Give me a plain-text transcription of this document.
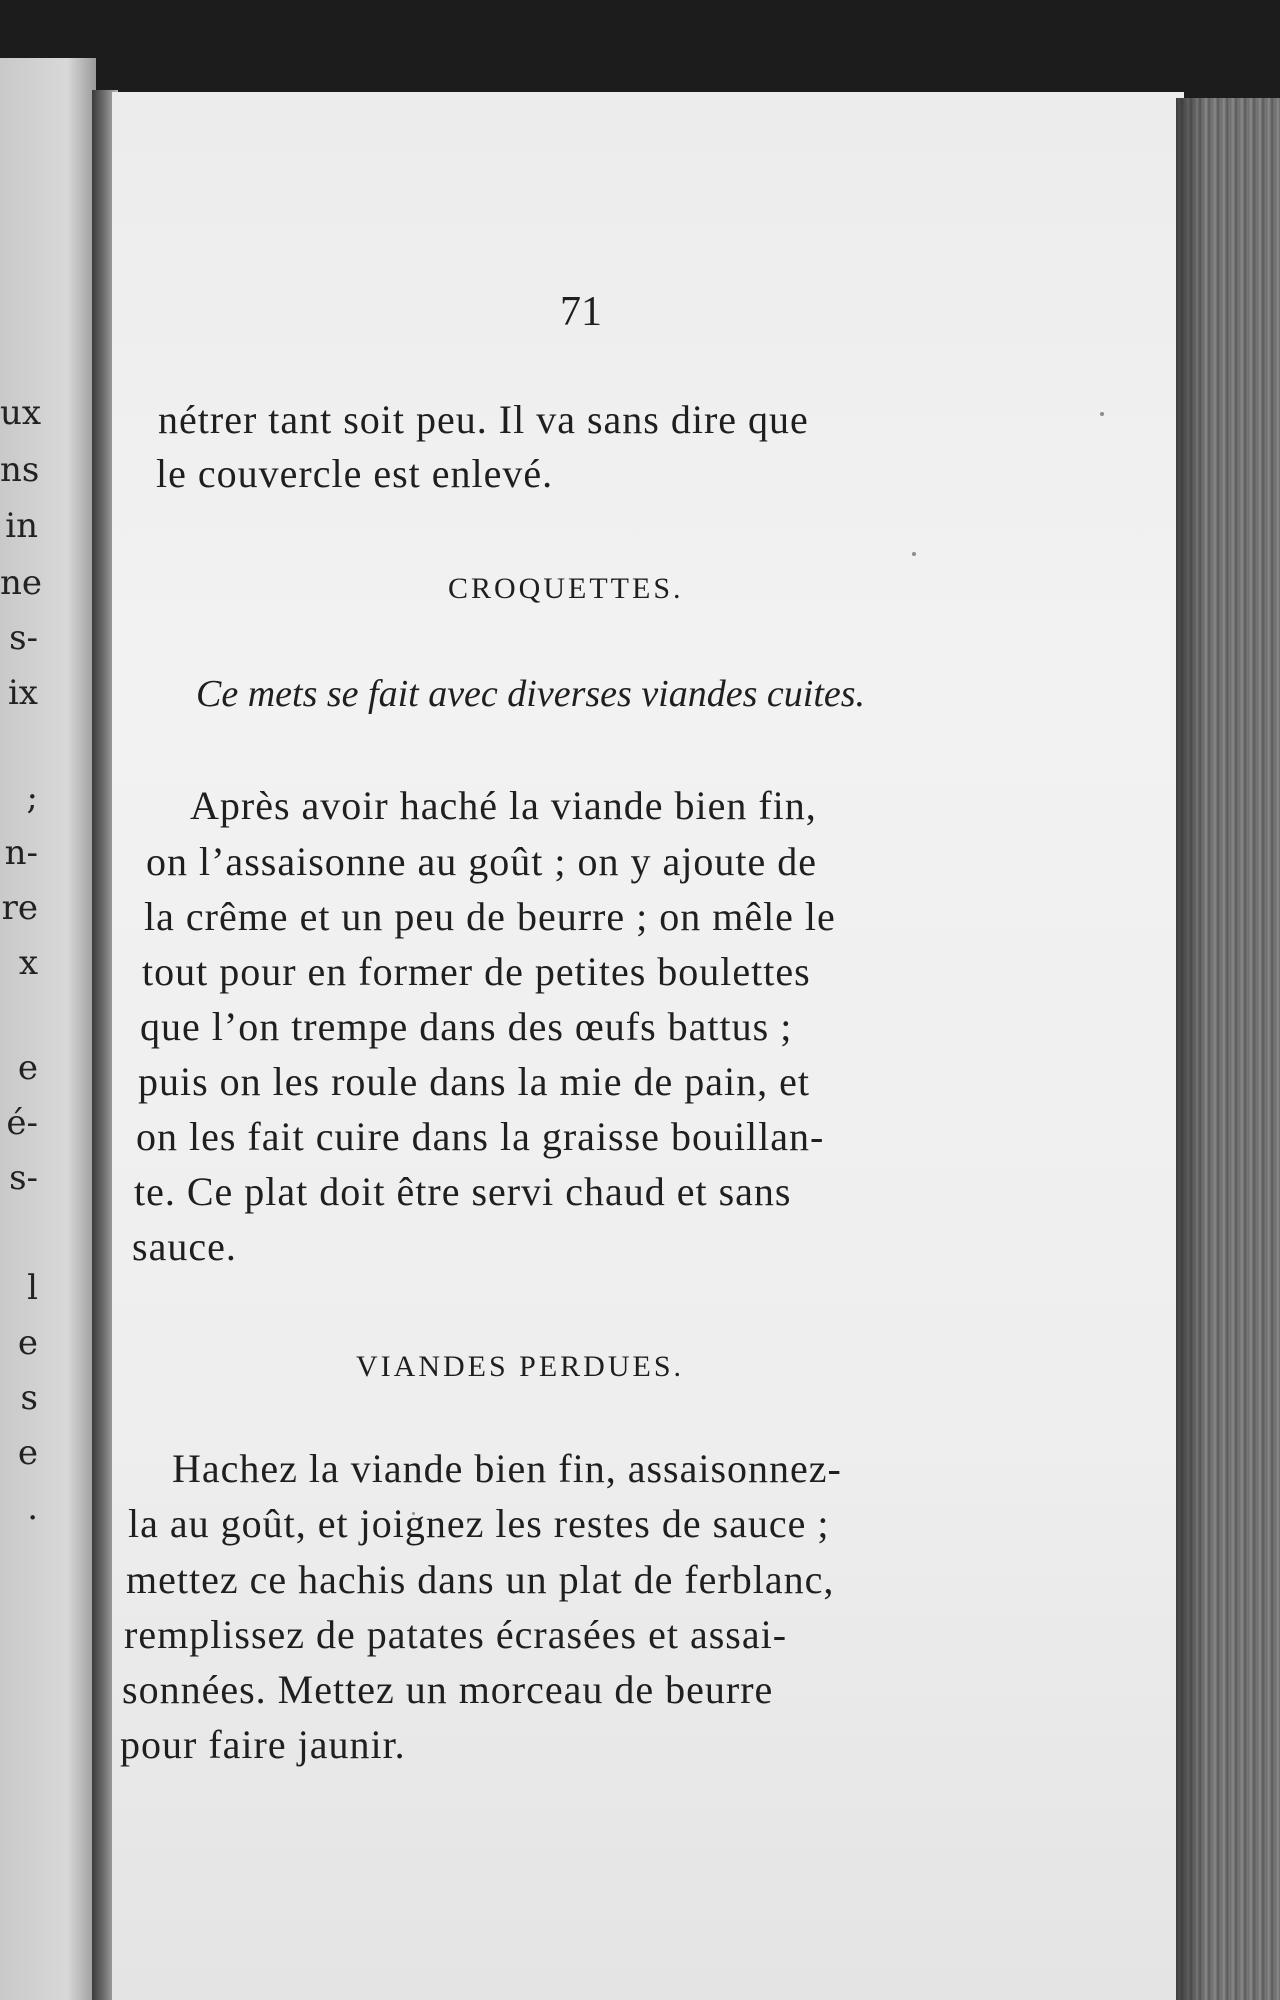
ux
ns
in
ne
s-
ix
;
n-
re
x
e
é-
s-
l
e
s
e
.
71
nétrer tant soit peu. Il va sans dire que
le couvercle est enlevé.
CROQUETTES.
Ce mets se fait avec diverses viandes cuites.
Après avoir haché la viande bien fin,
on l’assaisonne au goût ; on y ajoute de
la crême et un peu de beurre ; on mêle le
tout pour en former de petites boulettes
que l’on trempe dans des œufs battus ;
puis on les roule dans la mie de pain, et
on les fait cuire dans la graisse bouillan-
te. Ce plat doit être servi chaud et sans
sauce.
VIANDES PERDUES.
Hachez la viande bien fin, assaisonnez-
la au goût, et joignez les restes de sauce ;
mettez ce hachis dans un plat de ferblanc,
remplissez de patates écrasées et assai-
sonnées. Mettez un morceau de beurre
pour faire jaunir.
